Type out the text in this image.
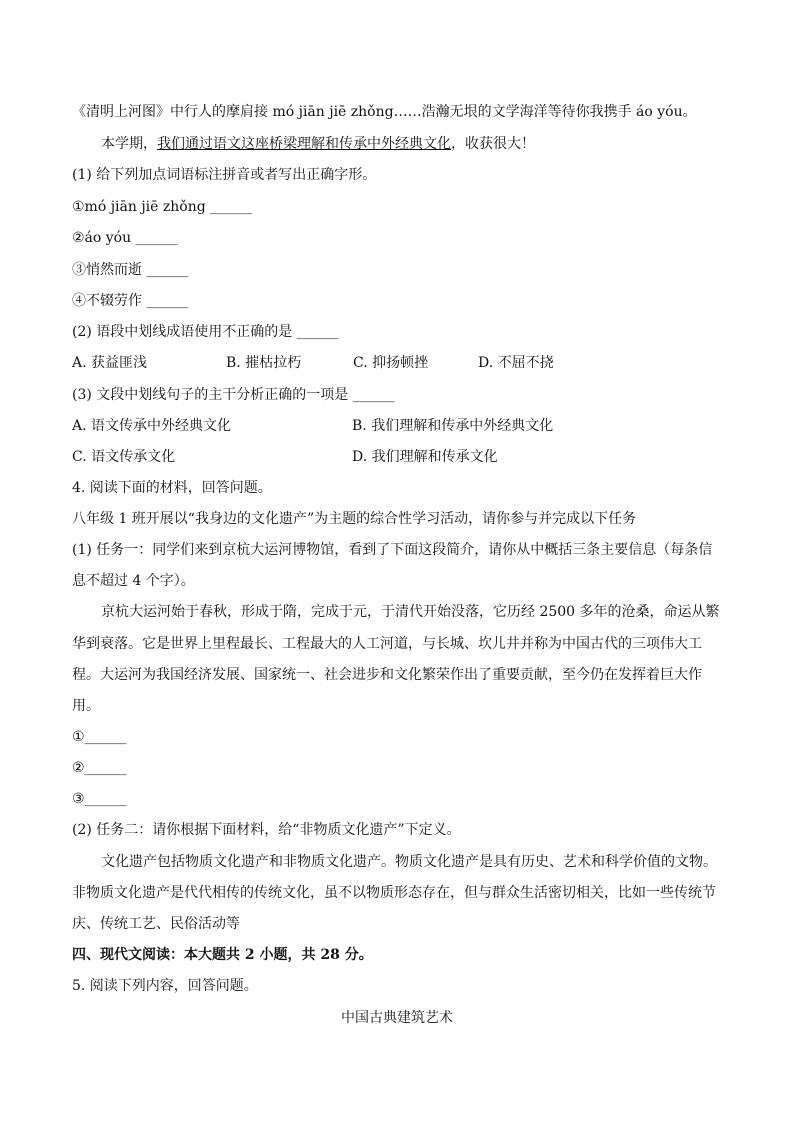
《清明上河图》中行人的摩肩接 mó jiān jiē zhǒng……浩瀚无垠的文学海洋等待你我携手 áo yóu。
本学期，我们通过语文这座桥梁理解和传承中外经典文化，收获很大！
(1) 给下列加点词语标注拼音或者写出正确字形。
①mó jiān jiē zhǒng ______
②áo yóu ______
③悄然而逝 ______
④不辍劳作 ______
(2) 语段中划线成语使用不正确的是 ______
A. 获益匪浅	B. 摧枯拉朽	C. 抑扬顿挫	D. 不屈不挠
(3) 文段中划线句子的主干分析正确的一项是 ______
A. 语文传承中外经典文化	B. 我们理解和传承中外经典文化
C. 语文传承文化	D. 我们理解和传承文化
4. 阅读下面的材料，回答问题。
八年级 1 班开展以“我身边的文化遗产”为主题的综合性学习活动，请你参与并完成以下任务
(1) 任务一：同学们来到京杭大运河博物馆，看到了下面这段简介，请你从中概括三条主要信息（每条信
息不超过 4 个字）。
京杭大运河始于春秋，形成于隋，完成于元，于清代开始没落，它历经 2500 多年的沧桑，命运从繁
华到衰落。它是世界上里程最长、工程最大的人工河道，与长城、坎儿井并称为中国古代的三项伟大工
程。大运河为我国经济发展、国家统一、社会进步和文化繁荣作出了重要贡献，至今仍在发挥着巨大作
用。
①______
②______
③______
(2) 任务二：请你根据下面材料，给“非物质文化遗产”下定义。
文化遗产包括物质文化遗产和非物质文化遗产。物质文化遗产是具有历史、艺术和科学价值的文物。
非物质文化遗产是代代相传的传统文化，虽不以物质形态存在，但与群众生活密切相关，比如一些传统节
庆、传统工艺、民俗活动等
四、现代文阅读：本大题共 2 小题，共 28 分。
5. 阅读下列内容，回答问题。
中国古典建筑艺术
